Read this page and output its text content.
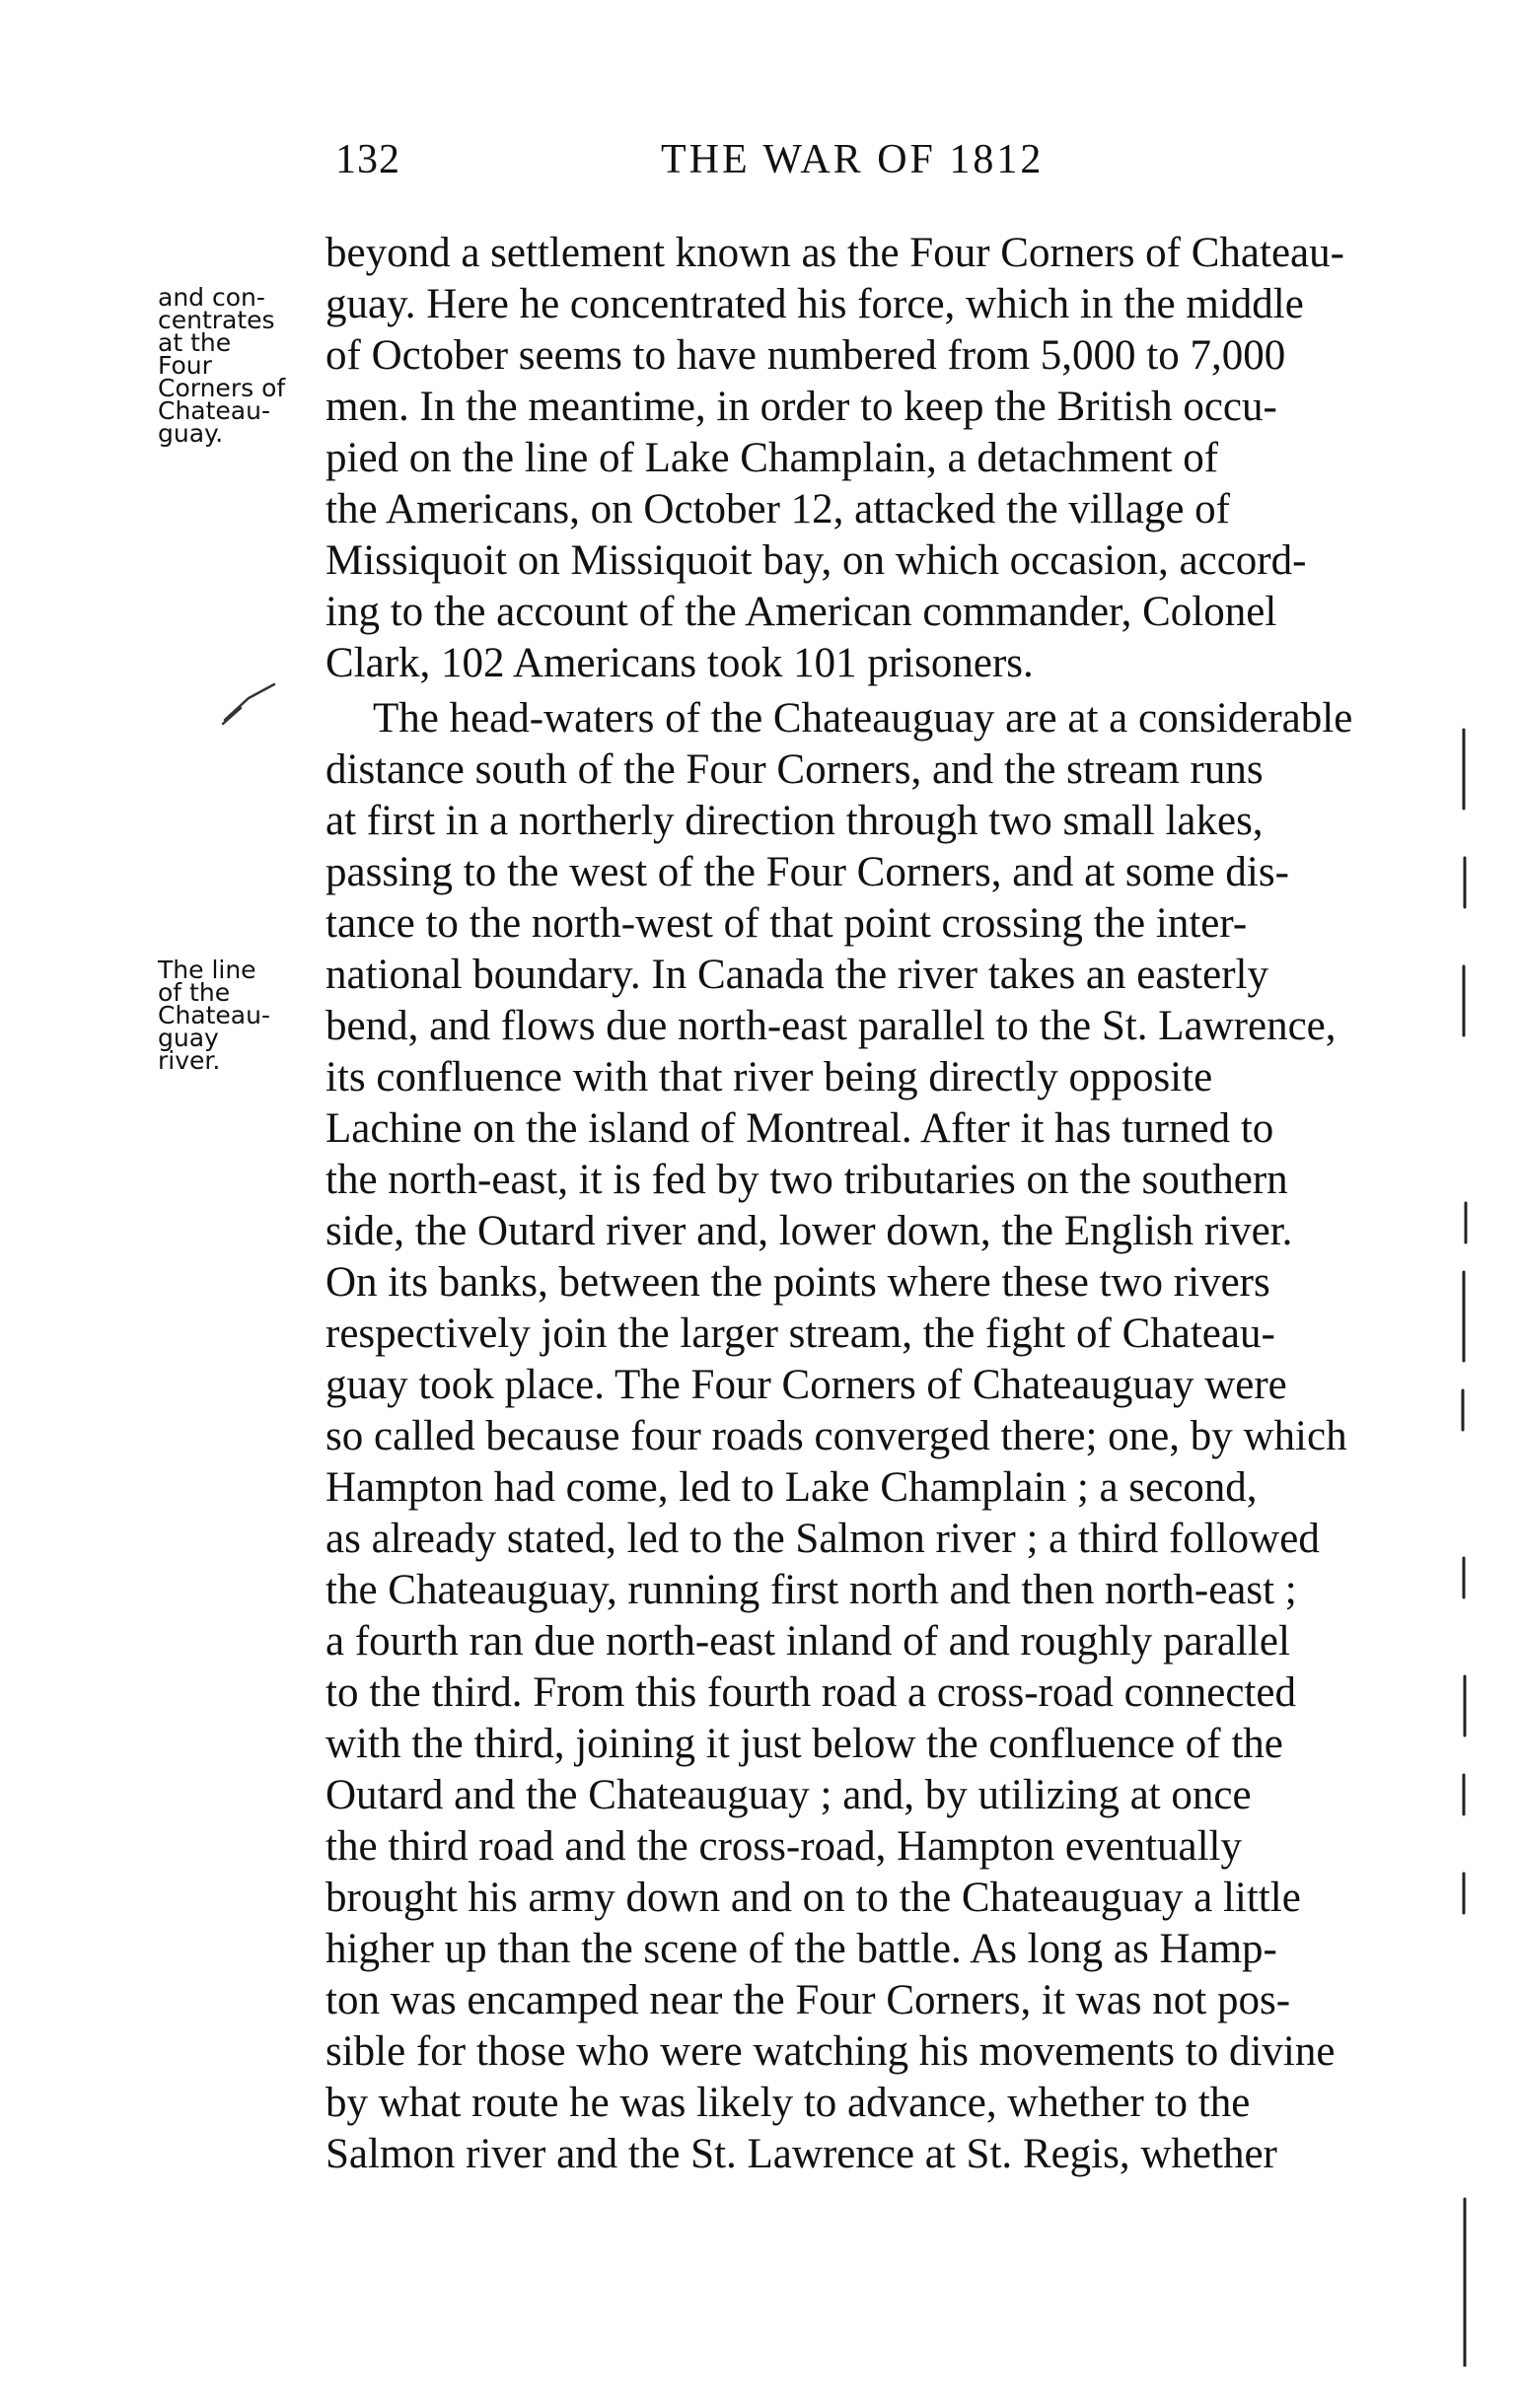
132	THE WAR OF 1812
and con-
centrates
at the
Four
Corners of
Chateau-
guay.
The line
of the
Chateau-
guay
river.
beyond a settlement known as the Four Corners of Chateau-
guay. Here he concentrated his force, which in the middle
of October seems to have numbered from 5,000 to 7,000
men. In the meantime, in order to keep the British occu-
pied on the line of Lake Champlain, a detachment of
the Americans, on October 12, attacked the village of
Missiquoit on Missiquoit bay, on which occasion, accord-
ing to the account of the American commander, Colonel
Clark, 102 Americans took 101 prisoners.
The head-waters of the Chateauguay are at a considerable
distance south of the Four Corners, and the stream runs
at first in a northerly direction through two small lakes,
passing to the west of the Four Corners, and at some dis-
tance to the north-west of that point crossing the inter-
national boundary. In Canada the river takes an easterly
bend, and flows due north-east parallel to the St. Lawrence,
its confluence with that river being directly opposite
Lachine on the island of Montreal. After it has turned to
the north-east, it is fed by two tributaries on the southern
side, the Outard river and, lower down, the English river.
On its banks, between the points where these two rivers
respectively join the larger stream, the fight of Chateau-
guay took place. The Four Corners of Chateauguay were
so called because four roads converged there; one, by which
Hampton had come, led to Lake Champlain ; a second,
as already stated, led to the Salmon river ; a third followed
the Chateauguay, running first north and then north-east ;
a fourth ran due north-east inland of and roughly parallel
to the third. From this fourth road a cross-road connected
with the third, joining it just below the confluence of the
Outard and the Chateauguay ; and, by utilizing at once
the third road and the cross-road, Hampton eventually
brought his army down and on to the Chateauguay a little
higher up than the scene of the battle. As long as Hamp-
ton was encamped near the Four Corners, it was not pos-
sible for those who were watching his movements to divine
by what route he was likely to advance, whether to the
Salmon river and the St. Lawrence at St. Regis, whether
